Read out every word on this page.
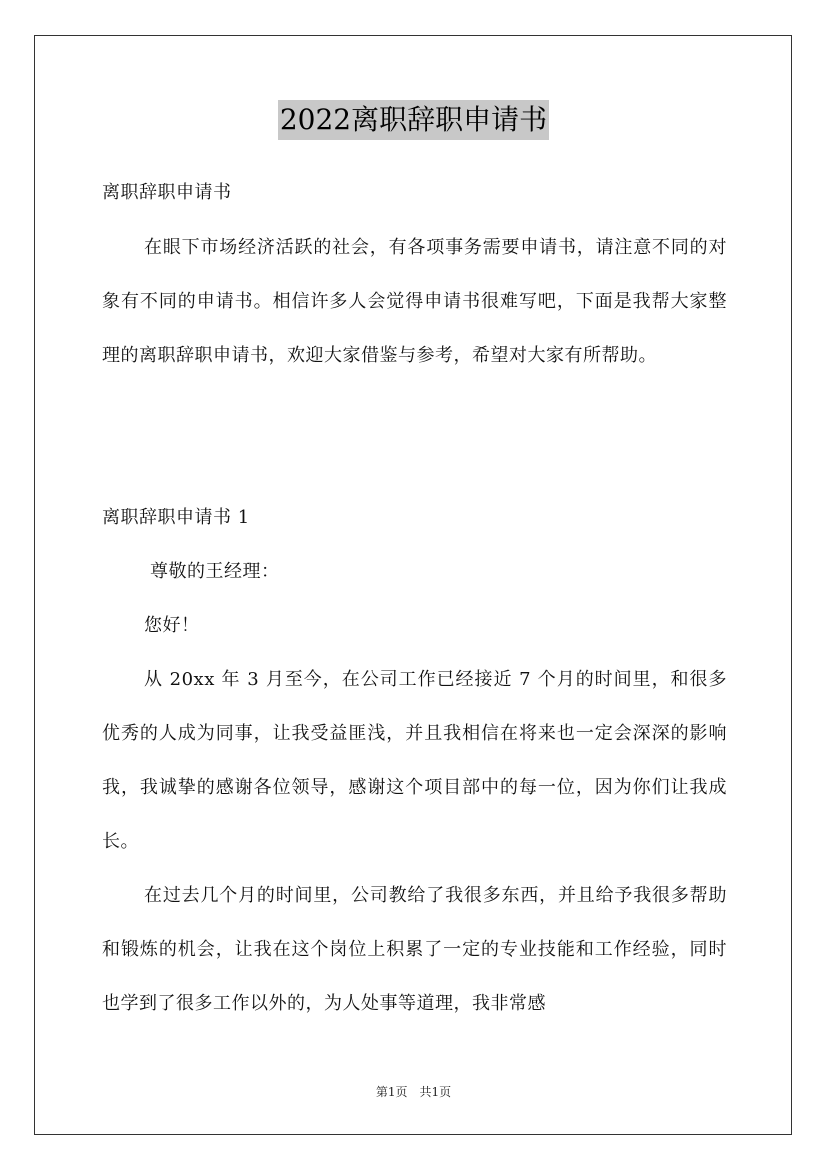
2022离职辞职申请书

离职辞职申请书

在眼下市场经济活跃的社会，有各项事务需要申请书，请注意不同的对象有不同的申请书。相信许多人会觉得申请书很难写吧，下面是我帮大家整理的离职辞职申请书，欢迎大家借鉴与参考，希望对大家有所帮助。

离职辞职申请书 1

尊敬的王经理：

您好！

从 20xx 年 3 月至今，在公司工作已经接近 7 个月的时间里，和很多优秀的人成为同事，让我受益匪浅，并且我相信在将来也一定会深深的影响我，我诚挚的感谢各位领导，感谢这个项目部中的每一位，因为你们让我成长。

在过去几个月的时间里，公司教给了我很多东西，并且给予我很多帮助和锻炼的机会，让我在这个岗位上积累了一定的专业技能和工作经验，同时也学到了很多工作以外的，为人处事等道理，我非常感

第1页　共1页
